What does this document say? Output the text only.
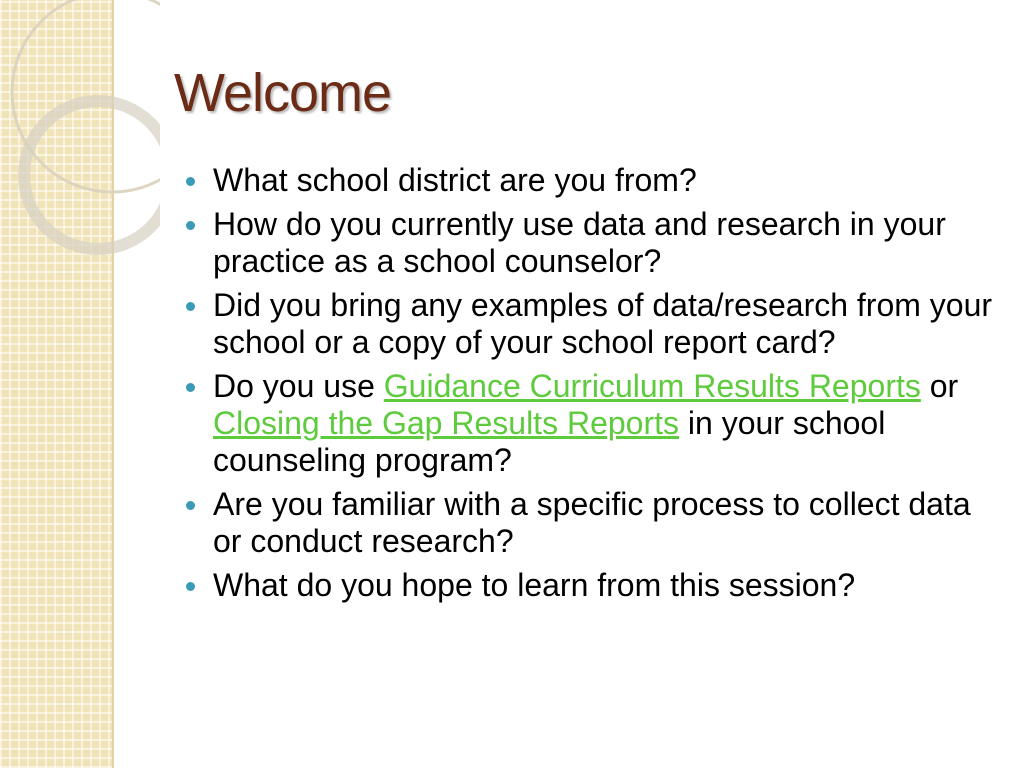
Welcome
What school district are you from?
How do you currently use data and research in your practice as a school counselor?
Did you bring any examples of data/research from your school or a copy of your school report card?
Do you use Guidance Curriculum Results Reports or Closing the Gap Results Reports in your school counseling program?
Are you familiar with a specific process to collect data or conduct research?
What do you hope to learn from this session?
